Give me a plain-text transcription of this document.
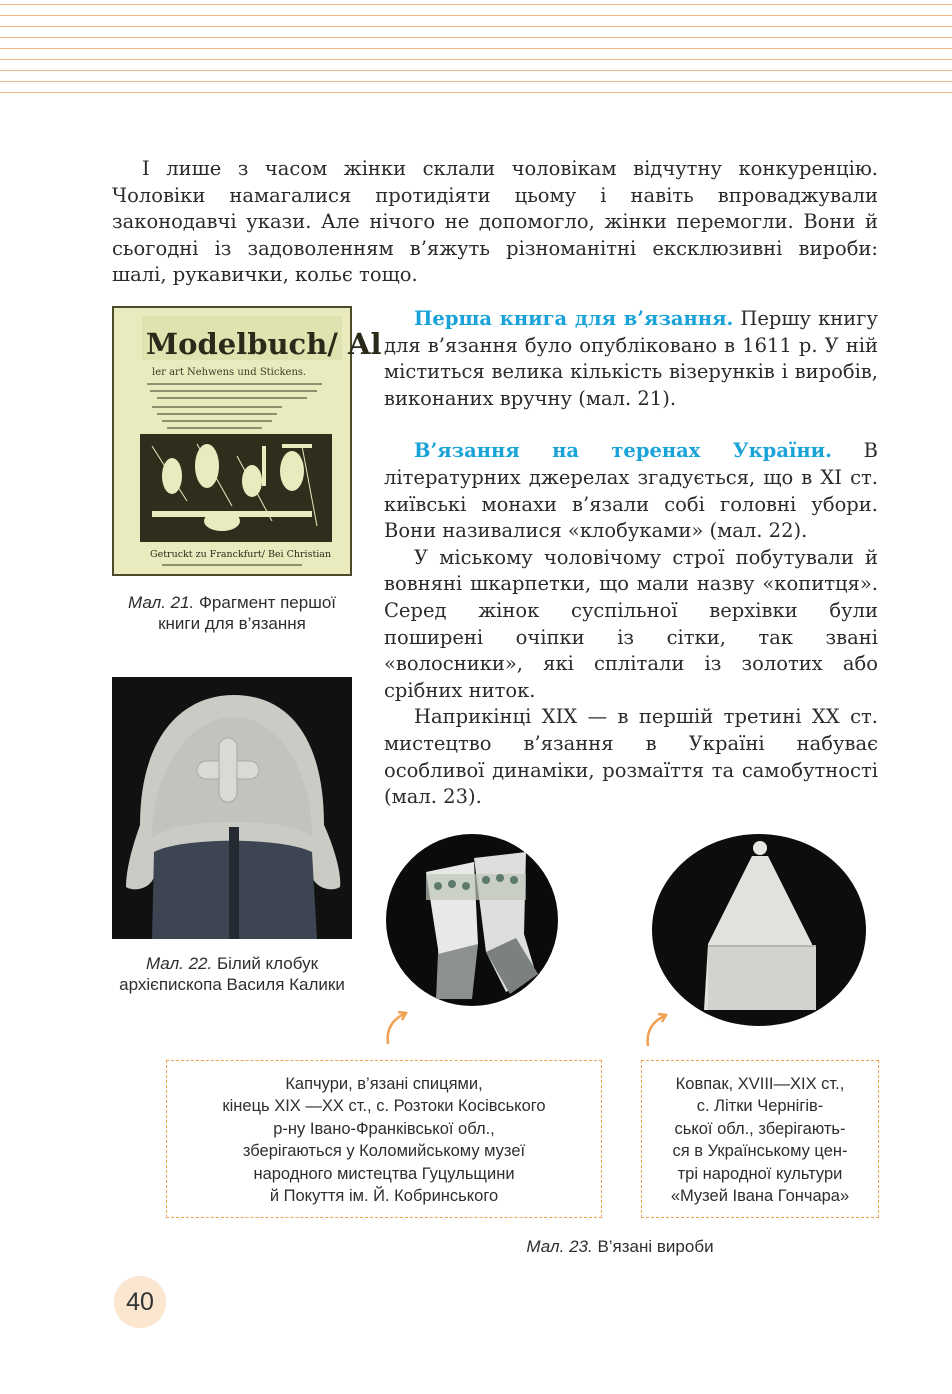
І лише з часом жінки склали чоловікам відчутну конкуренцію. Чоловіки намагалися протидіяти цьому і навіть впроваджували законодавчі укази. Але нічого не допомогло, жінки перемогли. Вони й сьогодні із задоволенням в’яжуть різноманітні ексклюзивні вироби: шалі, рукавички, кольє тощо.

Перша книга для в’язання. Першу книгу для в’язання було опубліковано в 1611 р. У ній міститься велика кількість візерунків і виробів, виконаних вручну (мал. 21).

В’язання на теренах України. В літературних джерелах згадується, що в XI ст. київські монахи в’язали собі головні убори. Вони називалися «клобуками» (мал. 22).

У міському чоловічому строї побутували й вовняні шкарпетки, що мали назву «копитця». Серед жінок суспільної верхівки були поширені очіпки із сітки, так звані «волосники», які сплітали із золотих або срібних ниток.

Наприкінці XIX — в першій третині XX ст. мистецтво в’язання в Україні набуває особливої динаміки, розмаїття та самобутності (мал. 23).

Modelbuch/ Al
ler art Nehwens und Stickens.
Getruckt zu Franckfurt/ Bei Christian
Мал. 21. Фрагмент першої книги для в’язання
Мал. 22. Білий клобук архієпископа Василя Калики
Капчури, в’язані спицями,
кінець XIX —XX ст., с. Розтоки Косівського
р-ну Івано-Франківської обл.,
зберігаються у Коломийському музеї
народного мистецтва Гуцульщини
й Покуття ім. Й. Кобринського
Ковпак, XVIII—XIX ст.,
с. Літки Чернігів-
ської обл., зберігають-
ся в Українському цен-
трі народної культури
«Музей Івана Гончара»
Мал. 23. В’язані вироби
40
